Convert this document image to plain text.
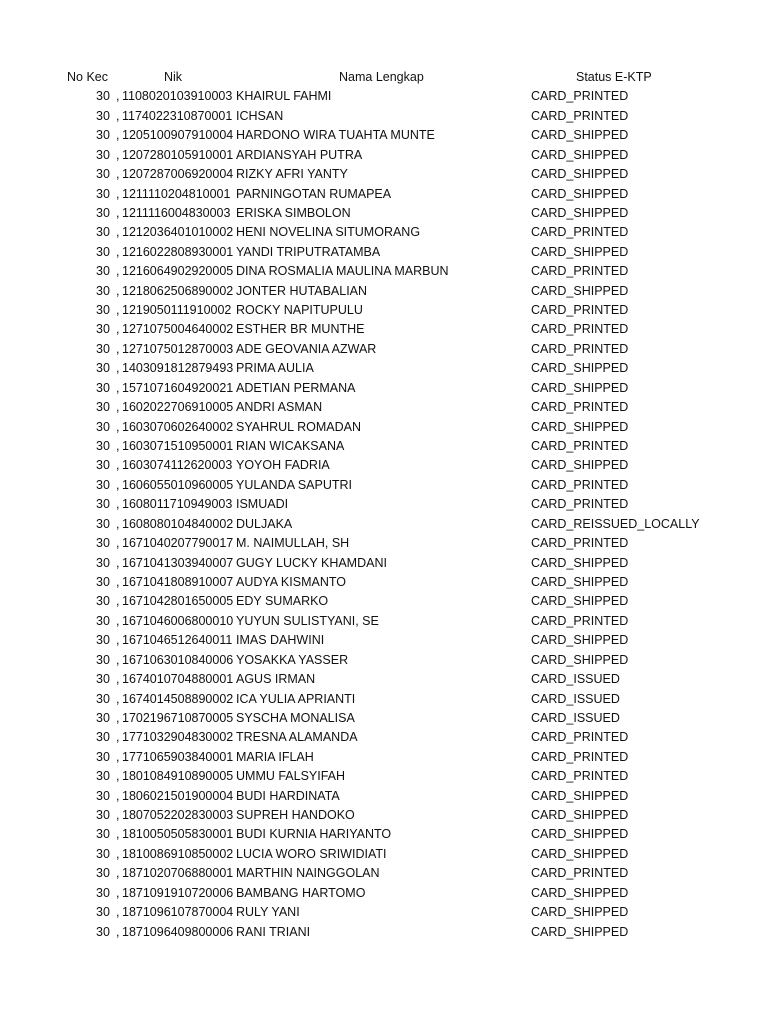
No Kec	Nik	Nama Lengkap	Status E-KTP
30 , 1108020103910003 KHAIRUL FAHMI	CARD_PRINTED
30 , 1174022310870001 ICHSAN	CARD_PRINTED
30 , 1205100907910004 HARDONO WIRA TUAHTA MUNTE	CARD_SHIPPED
30 , 1207280105910001 ARDIANSYAH PUTRA	CARD_SHIPPED
30 , 1207287006920004 RIZKY AFRI YANTY	CARD_SHIPPED
30 , 1211110204810001 PARNINGOTAN RUMAPEA	CARD_SHIPPED
30 , 1211116004830003 ERISKA SIMBOLON	CARD_SHIPPED
30 , 1212036401010002 HENI NOVELINA SITUMORANG	CARD_PRINTED
30 , 1216022808930001 YANDI TRIPUTRATAMBA	CARD_SHIPPED
30 , 1216064902920005 DINA ROSMALIA MAULINA MARBUN	CARD_PRINTED
30 , 1218062506890002 JONTER HUTABALIAN	CARD_SHIPPED
30 , 1219050111910002 ROCKY NAPITUPULU	CARD_PRINTED
30 , 1271075004640002 ESTHER BR MUNTHE	CARD_PRINTED
30 , 1271075012870003 ADE GEOVANIA AZWAR	CARD_PRINTED
30 , 1403091812879493 PRIMA AULIA	CARD_SHIPPED
30 , 1571071604920021 ADETIAN PERMANA	CARD_SHIPPED
30 , 1602022706910005 ANDRI ASMAN	CARD_PRINTED
30 , 1603070602640002 SYAHRUL ROMADAN	CARD_SHIPPED
30 , 1603071510950001 RIAN WICAKSANA	CARD_PRINTED
30 , 1603074112620003 YOYOH FADRIA	CARD_SHIPPED
30 , 1606055010960005 YULANDA SAPUTRI	CARD_PRINTED
30 , 1608011710949003 ISMUADI	CARD_PRINTED
30 , 1608080104840002 DULJAKA	CARD_REISSUED_LOCALLY
30 , 1671040207790017 M. NAIMULLAH, SH	CARD_PRINTED
30 , 1671041303940007 GUGY LUCKY KHAMDANI	CARD_SHIPPED
30 , 1671041808910007 AUDYA KISMANTO	CARD_SHIPPED
30 , 1671042801650005 EDY SUMARKO	CARD_SHIPPED
30 , 1671046006800010 YUYUN SULISTYANI, SE	CARD_PRINTED
30 , 1671046512640011 IMAS DAHWINI	CARD_SHIPPED
30 , 1671063010840006 YOSAKKA YASSER	CARD_SHIPPED
30 , 1674010704880001 AGUS IRMAN	CARD_ISSUED
30 , 1674014508890002 ICA YULIA APRIANTI	CARD_ISSUED
30 , 1702196710870005 SYSCHA MONALISA	CARD_ISSUED
30 , 1771032904830002 TRESNA ALAMANDA	CARD_PRINTED
30 , 1771065903840001 MARIA IFLAH	CARD_PRINTED
30 , 1801084910890005 UMMU FALSYIFAH	CARD_PRINTED
30 , 1806021501900004 BUDI HARDINATA	CARD_SHIPPED
30 , 1807052202830003 SUPREH HANDOKO	CARD_SHIPPED
30 , 1810050505830001 BUDI KURNIA HARIYANTO	CARD_SHIPPED
30 , 1810086910850002 LUCIA WORO SRIWIDIATI	CARD_SHIPPED
30 , 1871020706880001 MARTHIN NAINGGOLAN	CARD_PRINTED
30 , 1871091910720006 BAMBANG HARTOMO	CARD_SHIPPED
30 , 1871096107870004 RULY YANI	CARD_SHIPPED
30 , 1871096409800006 RANI TRIANI	CARD_SHIPPED
